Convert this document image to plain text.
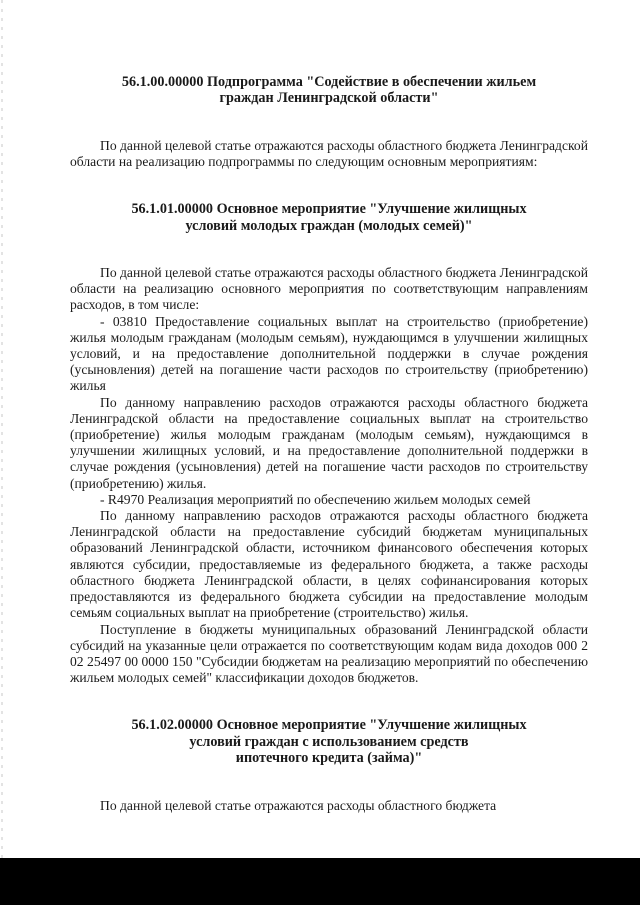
56.1.00.00000 Подпрограмма "Содействие в обеспечении жильем
граждан Ленинградской области"

По данной целевой статье отражаются расходы областного бюджета Ленинградской области на реализацию подпрограммы по следующим основным мероприятиям:

56.1.01.00000 Основное мероприятие "Улучшение жилищных
условий молодых граждан (молодых семей)"

По данной целевой статье отражаются расходы областного бюджета Ленинградской области на реализацию основного мероприятия по соответствующим направлениям расходов, в том числе:

- 03810 Предоставление социальных выплат на строительство (приобретение) жилья молодым гражданам (молодым семьям), нуждающимся в улучшении жилищных условий, и на предоставление дополнительной поддержки в случае рождения (усыновления) детей на погашение части расходов по строительству (приобретению) жилья

По данному направлению расходов отражаются расходы областного бюджета Ленинградской области на предоставление социальных выплат на строительство (приобретение) жилья молодым гражданам (молодым семьям), нуждающимся в улучшении жилищных условий, и на предоставление дополнительной поддержки в случае рождения (усыновления) детей на погашение части расходов по строительству (приобретению) жилья.

- R4970 Реализация мероприятий по обеспечению жильем молодых семей

По данному направлению расходов отражаются расходы областного бюджета Ленинградской области на предоставление субсидий бюджетам муниципальных образований Ленинградской области, источником финансового обеспечения которых являются субсидии, предоставляемые из федерального бюджета, а также расходы областного бюджета Ленинградской области, в целях софинансирования которых предоставляются из федерального бюджета субсидии на предоставление молодым семьям социальных выплат на приобретение (строительство) жилья.

Поступление в бюджеты муниципальных образований Ленинградской области субсидий на указанные цели отражается по соответствующим кодам вида доходов 000 2 02 25497 00 0000 150 "Субсидии бюджетам на реализацию мероприятий по обеспечению жильем молодых семей" классификации доходов бюджетов.

56.1.02.00000 Основное мероприятие "Улучшение жилищных
условий граждан с использованием средств
ипотечного кредита (займа)"

По данной целевой статье отражаются расходы областного бюджета
